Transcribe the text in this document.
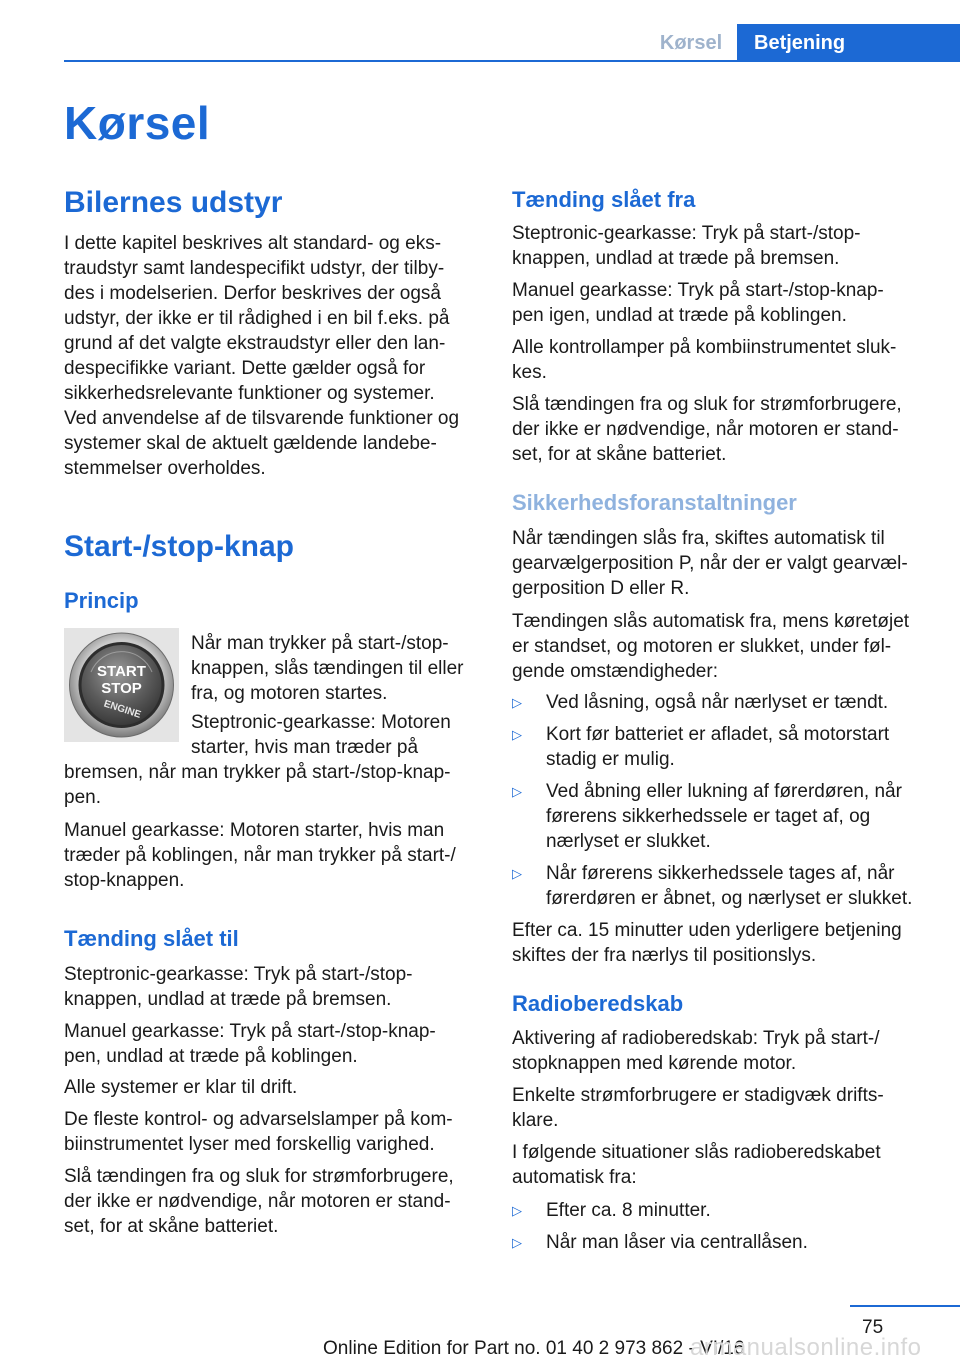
Kørsel	Betjening
Kørsel
Bilernes udstyr
I dette kapitel beskrives alt standard- og eks‐
traudstyr samt landespecifikt udstyr, der tilby‐
des i modelserien. Derfor beskrives der også
udstyr, der ikke er til rådighed i en bil f.eks. på
grund af det valgte ekstraudstyr eller den lan‐
despecifikke variant. Dette gælder også for
sikkerhedsrelevante funktioner og systemer.
Ved anvendelse af de tilsvarende funktioner og
systemer skal de aktuelt gældende landebe‐
stemmelser overholdes.
Start-/stop-knap
Princip
START
STOP
ENGINE
Når man trykker på start-/stop-
knappen, slås tændingen til eller
fra, og motoren startes.
Steptronic-gearkasse: Motoren
starter, hvis man træder på
bremsen, når man trykker på start-/stop-knap‐
pen.
Manuel gearkasse: Motoren starter, hvis man
træder på koblingen, når man trykker på start-/
stop-knappen.
Tænding slået til
Steptronic-gearkasse: Tryk på start-/stop-
knappen, undlad at træde på bremsen.
Manuel gearkasse: Tryk på start-/stop-knap‐
pen, undlad at træde på koblingen.
Alle systemer er klar til drift.
De fleste kontrol- og advarselslamper på kom‐
biinstrumentet lyser med forskellig varighed.
Slå tændingen fra og sluk for strømforbrugere,
der ikke er nødvendige, når motoren er stand‐
set, for at skåne batteriet.
Tænding slået fra
Steptronic-gearkasse: Tryk på start-/stop-
knappen, undlad at træde på bremsen.
Manuel gearkasse: Tryk på start-/stop-knap‐
pen igen, undlad at træde på koblingen.
Alle kontrollamper på kombiinstrumentet sluk‐
kes.
Slå tændingen fra og sluk for strømforbrugere,
der ikke er nødvendige, når motoren er stand‐
set, for at skåne batteriet.
Sikkerhedsforanstaltninger
Når tændingen slås fra, skiftes automatisk til
gearvælgerposition P, når der er valgt gearvæl‐
gerposition D eller R.
Tændingen slås automatisk fra, mens køretøjet
er standset, og motoren er slukket, under føl‐
gende omstændigheder:
▷ Ved låsning, også når nærlyset er tændt.
▷ Kort før batteriet er afladet, så motorstart
stadig er mulig.
▷ Ved åbning eller lukning af førerdøren, når
førerens sikkerhedssele er taget af, og
nærlyset er slukket.
▷ Når førerens sikkerhedssele tages af, når
førerdøren er åbnet, og nærlyset er slukket.
Efter ca. 15 minutter uden yderligere betjening
skiftes der fra nærlys til positionslys.
Radioberedskab
Aktivering af radioberedskab: Tryk på start-/
stopknappen med kørende motor.
Enkelte strømforbrugere er stadigvæk drifts‐
klare.
I følgende situationer slås radioberedskabet
automatisk fra:
▷ Efter ca. 8 minutter.
▷ Når man låser via centrallåsen.
75
Online Edition for Part no. 01 40 2 973 862 - VI/16
armanualsonline.info
